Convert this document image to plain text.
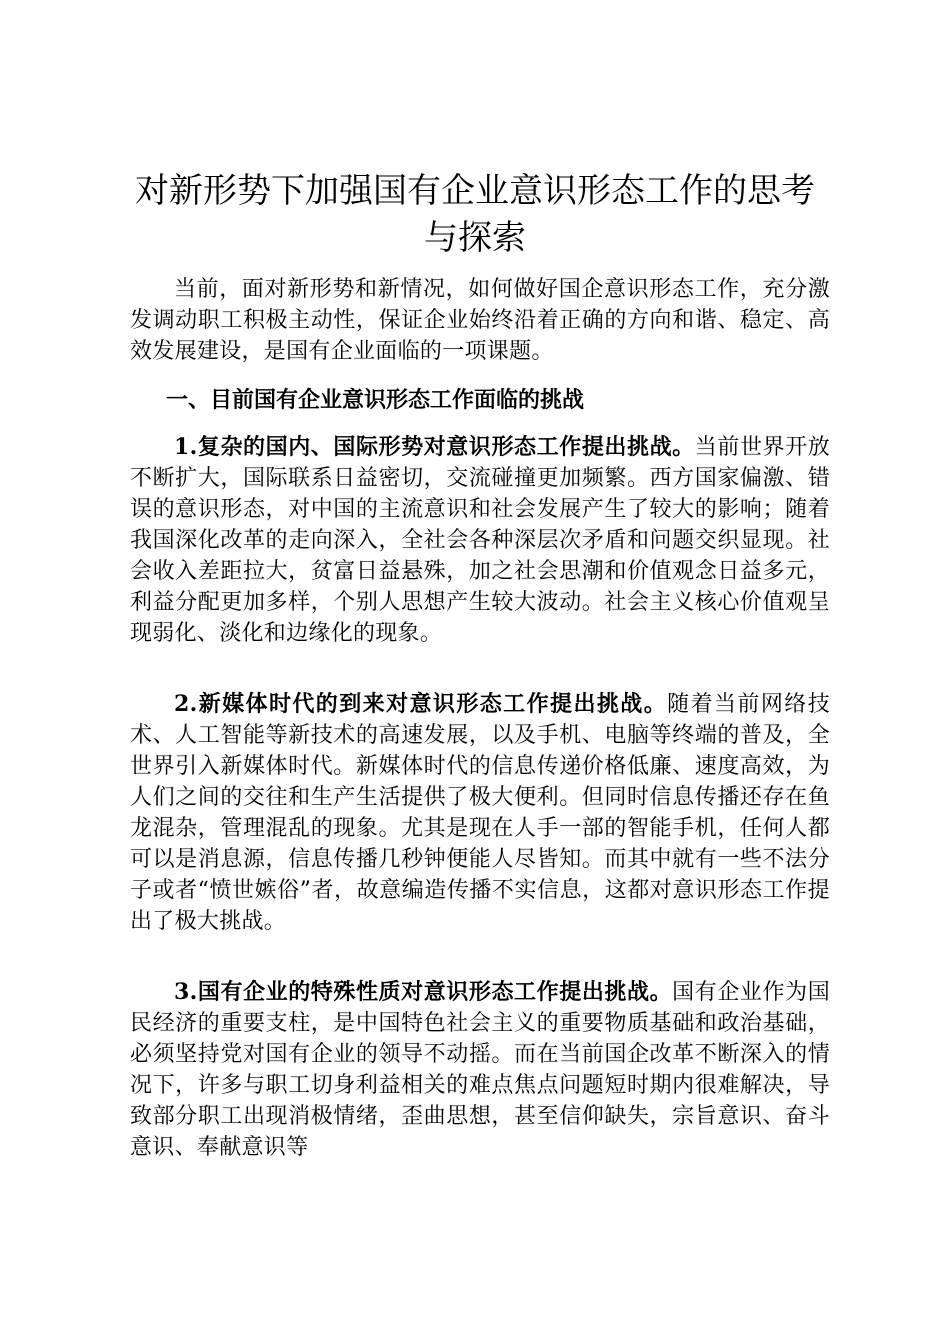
对新形势下加强国有企业意识形态工作的思考与探索

当前，面对新形势和新情况，如何做好国企意识形态工作，充分激发调动职工积极主动性，保证企业始终沿着正确的方向和谐、稳定、高效发展建设，是国有企业面临的一项课题。

一、目前国有企业意识形态工作面临的挑战

1.复杂的国内、国际形势对意识形态工作提出挑战。当前世界开放不断扩大，国际联系日益密切，交流碰撞更加频繁。西方国家偏激、错误的意识形态，对中国的主流意识和社会发展产生了较大的影响；随着我国深化改革的走向深入，全社会各种深层次矛盾和问题交织显现。社会收入差距拉大，贫富日益悬殊，加之社会思潮和价值观念日益多元，利益分配更加多样，个别人思想产生较大波动。社会主义核心价值观呈现弱化、淡化和边缘化的现象。

2.新媒体时代的到来对意识形态工作提出挑战。随着当前网络技术、人工智能等新技术的高速发展，以及手机、电脑等终端的普及，全世界引入新媒体时代。新媒体时代的信息传递价格低廉、速度高效，为人们之间的交往和生产生活提供了极大便利。但同时信息传播还存在鱼龙混杂，管理混乱的现象。尤其是现在人手一部的智能手机，任何人都可以是消息源，信息传播几秒钟便能人尽皆知。而其中就有一些不法分子或者“愤世嫉俗”者，故意编造传播不实信息，这都对意识形态工作提出了极大挑战。

3.国有企业的特殊性质对意识形态工作提出挑战。国有企业作为国民经济的重要支柱，是中国特色社会主义的重要物质基础和政治基础，必须坚持党对国有企业的领导不动摇。而在当前国企改革不断深入的情况下，许多与职工切身利益相关的难点焦点问题短时期内很难解决，导致部分职工出现消极情绪，歪曲思想，甚至信仰缺失，宗旨意识、奋斗意识、奉献意识等
